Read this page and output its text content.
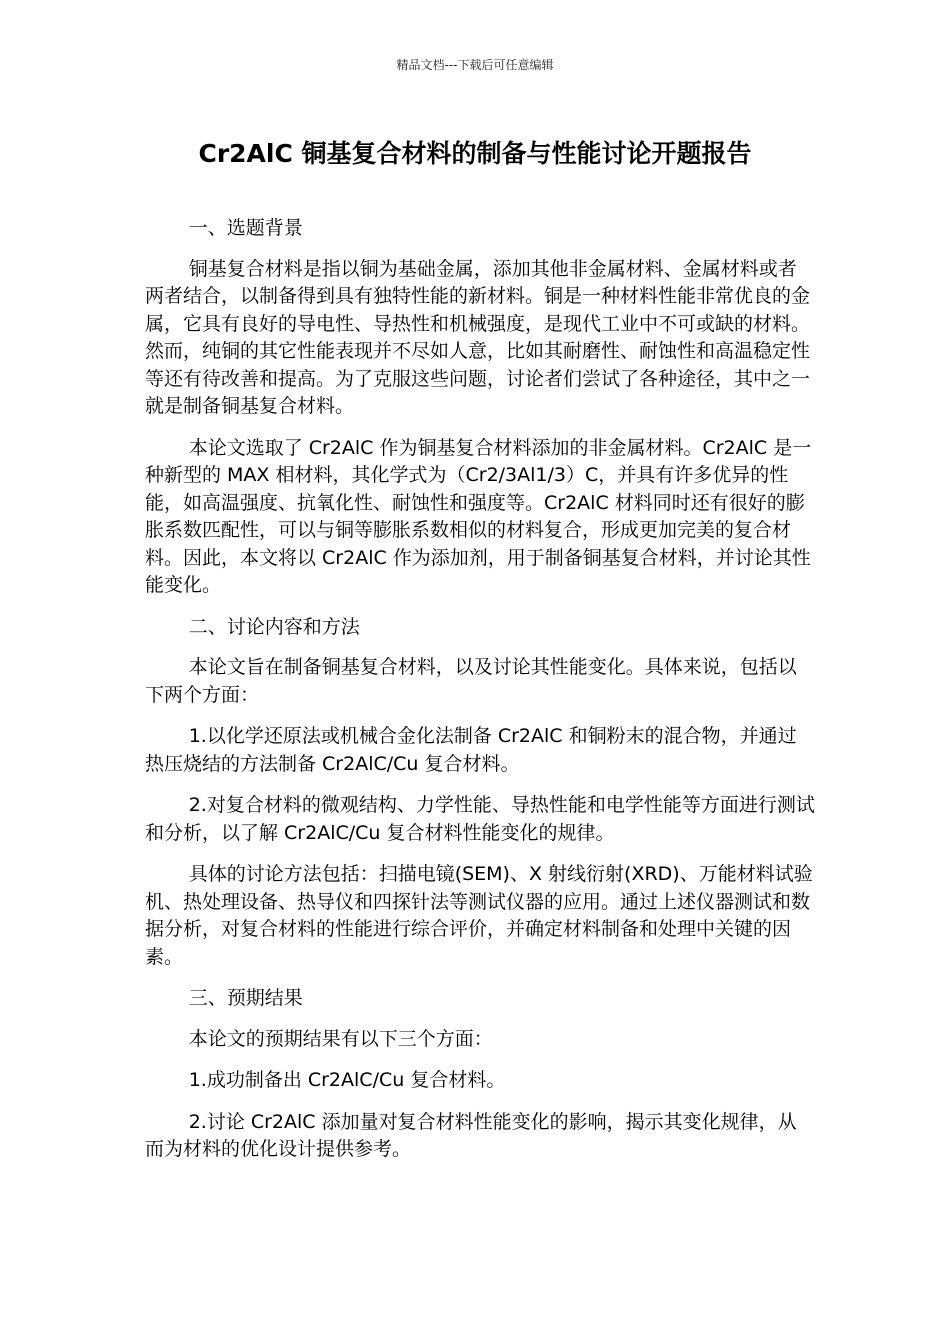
精品文档---下载后可任意编辑
Cr2AlC 铜基复合材料的制备与性能讨论开题报告

一、选题背景

铜基复合材料是指以铜为基础金属，添加其他非金属材料、金属材料或者两者结合，以制备得到具有独特性能的新材料。铜是一种材料性能非常优良的金属，它具有良好的导电性、导热性和机械强度，是现代工业中不可或缺的材料。然而，纯铜的其它性能表现并不尽如人意，比如其耐磨性、耐蚀性和高温稳定性等还有待改善和提高。为了克服这些问题，讨论者们尝试了各种途径，其中之一就是制备铜基复合材料。

本论文选取了 Cr2AlC 作为铜基复合材料添加的非金属材料。Cr2AlC 是一种新型的 MAX 相材料，其化学式为（Cr2/3Al1/3）C，并具有许多优异的性能，如高温强度、抗氧化性、耐蚀性和强度等。Cr2AlC 材料同时还有很好的膨胀系数匹配性，可以与铜等膨胀系数相似的材料复合，形成更加完美的复合材料。因此，本文将以 Cr2AlC 作为添加剂，用于制备铜基复合材料，并讨论其性能变化。

二、讨论内容和方法

本论文旨在制备铜基复合材料，以及讨论其性能变化。具体来说，包括以下两个方面：

1.以化学还原法或机械合金化法制备 Cr2AlC 和铜粉末的混合物，并通过热压烧结的方法制备 Cr2AlC/Cu 复合材料。

2.对复合材料的微观结构、力学性能、导热性能和电学性能等方面进行测试和分析，以了解 Cr2AlC/Cu 复合材料性能变化的规律。

具体的讨论方法包括：扫描电镜(SEM)、X 射线衍射(XRD)、万能材料试验机、热处理设备、热导仪和四探针法等测试仪器的应用。通过上述仪器测试和数据分析，对复合材料的性能进行综合评价，并确定材料制备和处理中关键的因素。

三、预期结果

本论文的预期结果有以下三个方面：

1.成功制备出 Cr2AlC/Cu 复合材料。

2.讨论 Cr2AlC 添加量对复合材料性能变化的影响，揭示其变化规律，从而为材料的优化设计提供参考。
